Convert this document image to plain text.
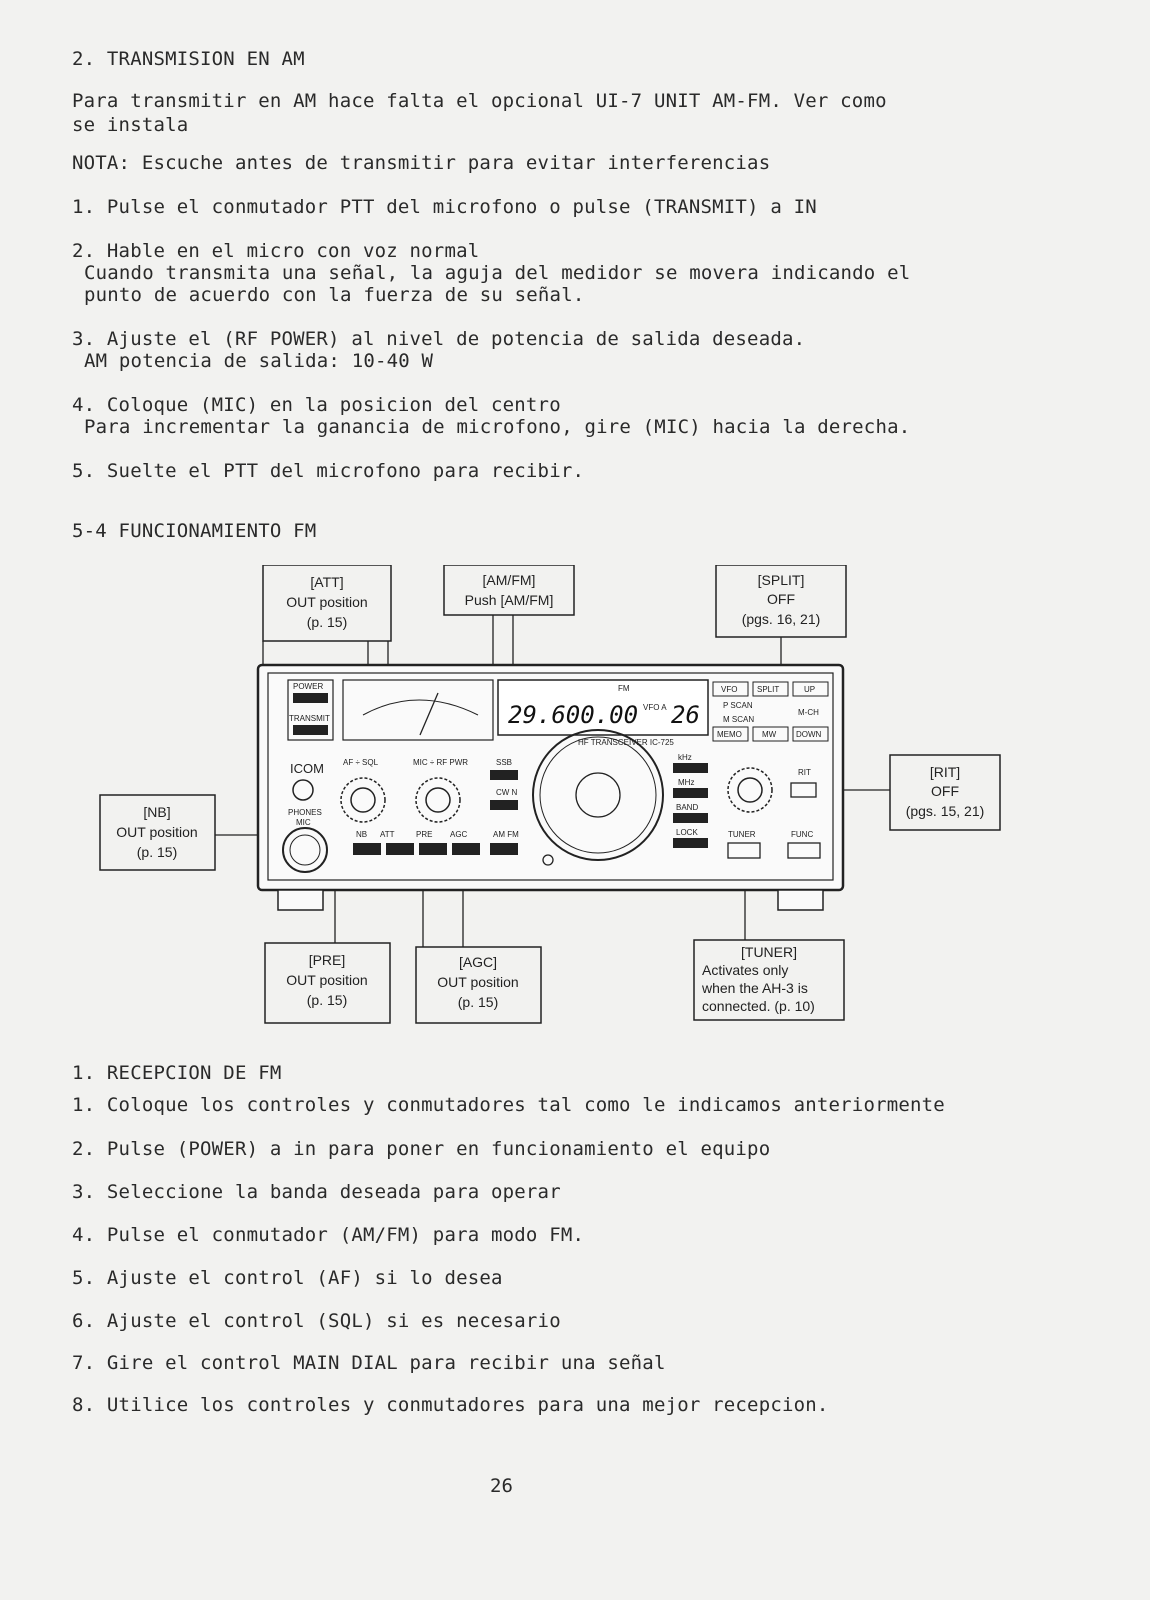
2. TRANSMISION EN AM
Para transmitir en AM hace falta el opcional UI-7 UNIT AM-FM. Ver como
se instala
NOTA: Escuche antes de transmitir para evitar interferencias
1. Pulse el conmutador PTT del microfono o pulse (TRANSMIT) a IN
2. Hable en el micro con voz normal
Cuando transmita una señal, la aguja del medidor se movera indicando el
punto de acuerdo con la fuerza de su señal.
3. Ajuste el (RF POWER) al nivel de potencia de salida deseada.
AM potencia de salida: 10-40 W
4. Coloque (MIC) en la posicion del centro
Para incrementar la ganancia de microfono, gire (MIC) hacia la derecha.
5. Suelte el PTT del microfono para recibir.
5-4 FUNCIONAMIENTO FM
POWER
TRANSMIT
FM
29.600.00 VFO A 26
HF TRANSCEIVER IC-725
VFO SPLIT	UP
P SCAN
M SCAN
M-CH
MEMO	MW DOWN
ICOM
PHONES
MIC
AF ÷ SQL	MIC ÷ RF PWR
NB ATT	PRE AGC	AM FM
SSB
CW N
kHz
MHz
BAND
LOCK
RIT
TUNER	FUNC
[ATT]
OUT position
(p. 15)
[AM/FM]
Push [AM/FM]
[SPLIT]
OFF
(pgs. 16, 21)
[NB]
OUT position
(p. 15)
[RIT]
OFF
(pgs. 15, 21)
[PRE]
OUT position
(p. 15)
[AGC]
OUT position
(p. 15)
[TUNER]
Activates only
when the AH-3 is
connected. (p. 10)
1. RECEPCION DE FM
1. Coloque los controles y conmutadores tal como le indicamos anteriormente
2. Pulse (POWER) a in para poner en funcionamiento el equipo
3. Seleccione la banda deseada para operar
4. Pulse el conmutador (AM/FM) para modo FM.
5. Ajuste el control (AF) si lo desea
6. Ajuste el control (SQL) si es necesario
7. Gire el control MAIN DIAL para recibir una señal
8. Utilice los controles y conmutadores para una mejor recepcion.
26
